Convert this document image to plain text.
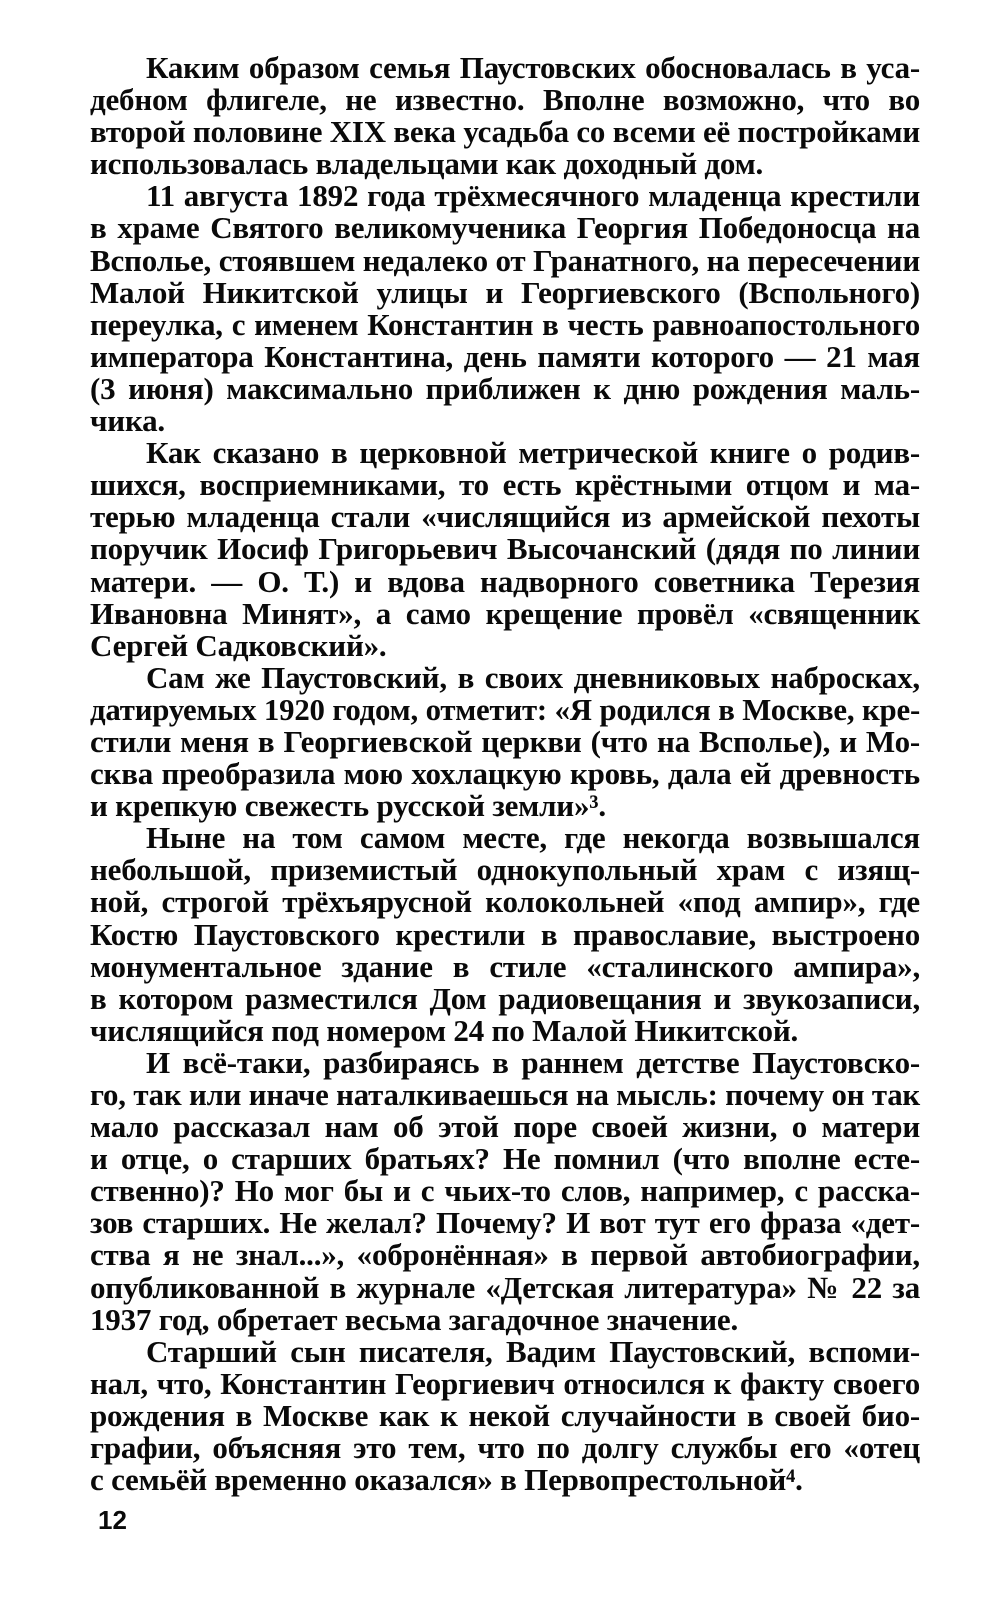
Каким образом семья Паустовских обосновалась в уса-
дебном флигеле, не известно. Вполне возможно, что во
второй половине XIX века усадьба со всеми её постройками
использовалась владельцами как доходный дом.
11 августа 1892 года трёхмесячного младенца крестили
в храме Святого великомученика Георгия Победоносца на
Вспольe, стоявшем недалеко от Гранатного, на пересечении
Малой Никитской улицы и Георгиевского (Вспольного)
переулка, с именем Константин в честь равноапостольного
императора Константина, день памяти которого — 21 мая
(3 июня) максимально приближен к дню рождения маль-
чика.
Как сказано в церковной метрической книге о родив-
шихся, восприемниками, то есть крёстными отцом и ма-
терью младенца стали «числящийся из армейской пехоты
поручик Иосиф Григорьевич Высочанский (дядя по линии
матери. — О. Т.) и вдова надворного советника Терезия
Ивановна Минят», а само крещение провёл «священник
Сергей Садковский».
Сам же Паустовский, в своих дневниковых набросках,
датируемых 1920 годом, отметит: «Я родился в Москве, кре-
стили меня в Георгиевской церкви (что на Вспольe), и Мо-
сква преобразила мою хохлацкую кровь, дала ей древность
и крепкую свежесть русской земли»³.
Ныне на том самом месте, где некогда возвышался
небольшой, приземистый однокупольный храм с изящ-
ной, строгой трёхъярусной колокольней «под ампир», где
Костю Паустовского крестили в православие, выстроено
монументальное здание в стиле «сталинского ампира»,
в котором разместился Дом радиовещания и звукозаписи,
числящийся под номером 24 по Малой Никитской.
И всё-таки, разбираясь в раннем детстве Паустовско-
го, так или иначе наталкиваешься на мысль: почему он так
мало рассказал нам об этой поре своей жизни, о матери
и отце, о старших братьях? Не помнил (что вполне есте-
ственно)? Но мог бы и с чьих-то слов, например, с расска-
зов старших. Не желал? Почему? И вот тут его фраза «дет-
ства я не знал...», «обронённая» в первой автобиографии,
опубликованной в журнале «Детская литература» № 22 за
1937 год, обретает весьма загадочное значение.
Старший сын писателя, Вадим Паустовский, вспоми-
нал, что, Константин Георгиевич относился к факту своего
рождения в Москве как к некой случайности в своей био-
графии, объясняя это тем, что по долгу службы его «отец
с семьёй временно оказался» в Первопрестольной⁴.
12
